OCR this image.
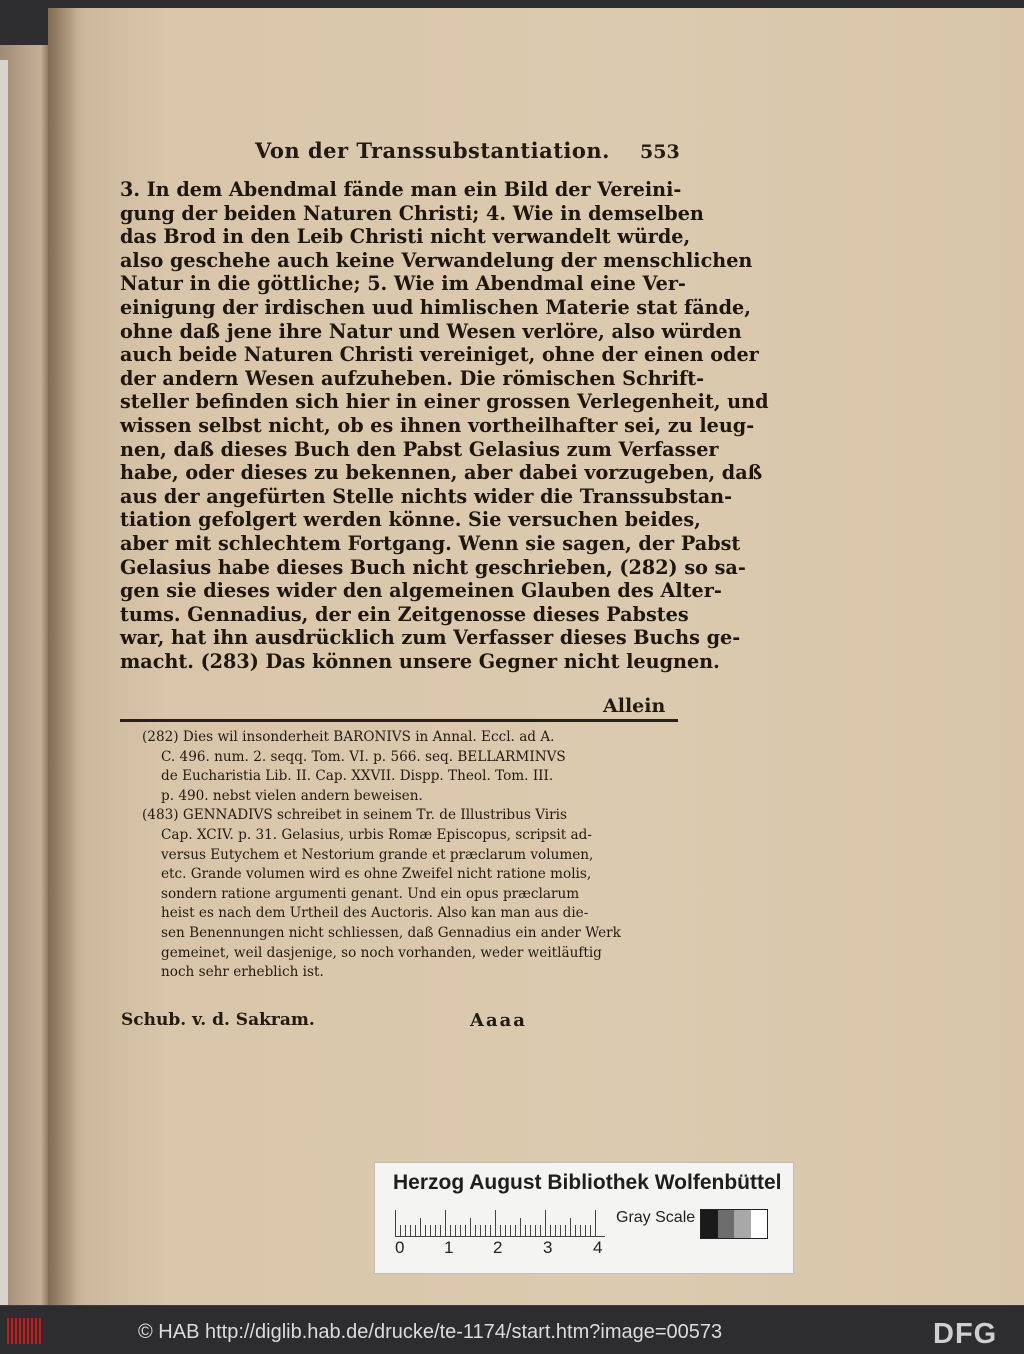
Von der Transsubstantiation. 553
3. In dem Abendmal fände man ein Bild der Vereini-
gung der beiden Naturen Christi; 4. Wie in demselben
das Brod in den Leib Christi nicht verwandelt würde,
also geschehe auch keine Verwandelung der menschlichen
Natur in die göttliche; 5. Wie im Abendmal eine Ver-
einigung der irdischen uud himlischen Materie stat fände,
ohne daß jene ihre Natur und Wesen verlöre, also würden
auch beide Naturen Christi vereiniget, ohne der einen oder
der andern Wesen aufzuheben. Die römischen Schrift-
steller befinden sich hier in einer grossen Verlegenheit, und
wissen selbst nicht, ob es ihnen vortheilhafter sei, zu leug-
nen, daß dieses Buch den Pabst Gelasius zum Verfasser
habe, oder dieses zu bekennen, aber dabei vorzugeben, daß
aus der angefürten Stelle nichts wider die Transsubstan-
tiation gefolgert werden könne. Sie versuchen beides,
aber mit schlechtem Fortgang. Wenn sie sagen, der Pabst
Gelasius habe dieses Buch nicht geschrieben, (282) so sa-
gen sie dieses wider den algemeinen Glauben des Alter-
tums. Gennadius, der ein Zeitgenosse dieses Pabstes
war, hat ihn ausdrücklich zum Verfasser dieses Buchs ge-
macht. (283) Das können unsere Gegner nicht leugnen.
Allein
(282) Dies wil insonderheit BARONIVS in Annal. Eccl. ad A.
C. 496. num. 2. seqq. Tom. VI. p. 566. seq. BELLARMINVS
de Eucharistia Lib. II. Cap. XXVII. Dispp. Theol. Tom. III.
p. 490. nebst vielen andern beweisen.
(483) GENNADIVS schreibet in seinem Tr. de Illustribus Viris
Cap. XCIV. p. 31. Gelasius, urbis Romæ Episcopus, scripsit ad-
versus Eutychem et Nestorium grande et præclarum volumen,
etc. Grande volumen wird es ohne Zweifel nicht ratione molis,
sondern ratione argumenti genant. Und ein opus præclarum
heist es nach dem Urtheil des Auctoris. Also kan man aus die-
sen Benennungen nicht schliessen, daß Gennadius ein ander Werk
gemeinet, weil dasjenige, so noch vorhanden, weder weitläuftig
noch sehr erheblich ist.
Schub. v. d. Sakram.	Aaaa
Herzog August Bibliothek Wolfenbüttel
Gray Scale
0 1 2 3 4
© HAB http://diglib.hab.de/drucke/te-1174/start.htm?image=00573	DFG
